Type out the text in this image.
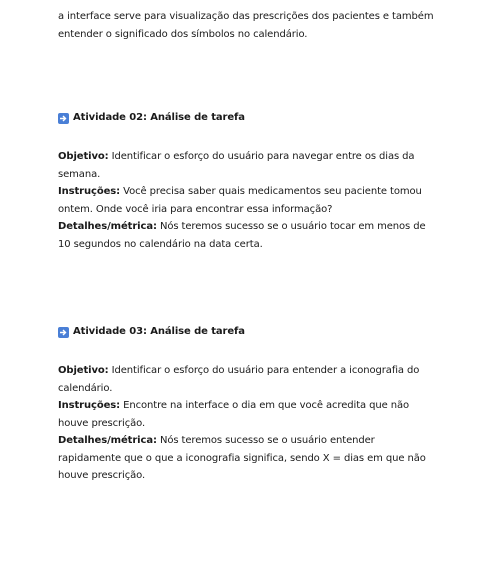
a interface serve para visualização das prescrições dos pacientes e também entender o significado dos símbolos no calendário.

Atividade 02: Análise de tarefa

Objetivo: Identificar o esforço do usuário para navegar entre os dias da semana.

Instruções: Você precisa saber quais medicamentos seu paciente tomou ontem. Onde você iria para encontrar essa informação?

Detalhes/métrica: Nós teremos sucesso se o usuário tocar em menos de 10 segundos no calendário na data certa.

Atividade 03: Análise de tarefa

Objetivo: Identificar o esforço do usuário para entender a iconografia do calendário.

Instruções: Encontre na interface o dia em que você acredita que não houve prescrição.

Detalhes/métrica: Nós teremos sucesso se o usuário entender rapidamente que o que a iconografia significa, sendo X = dias em que não houve prescrição.
